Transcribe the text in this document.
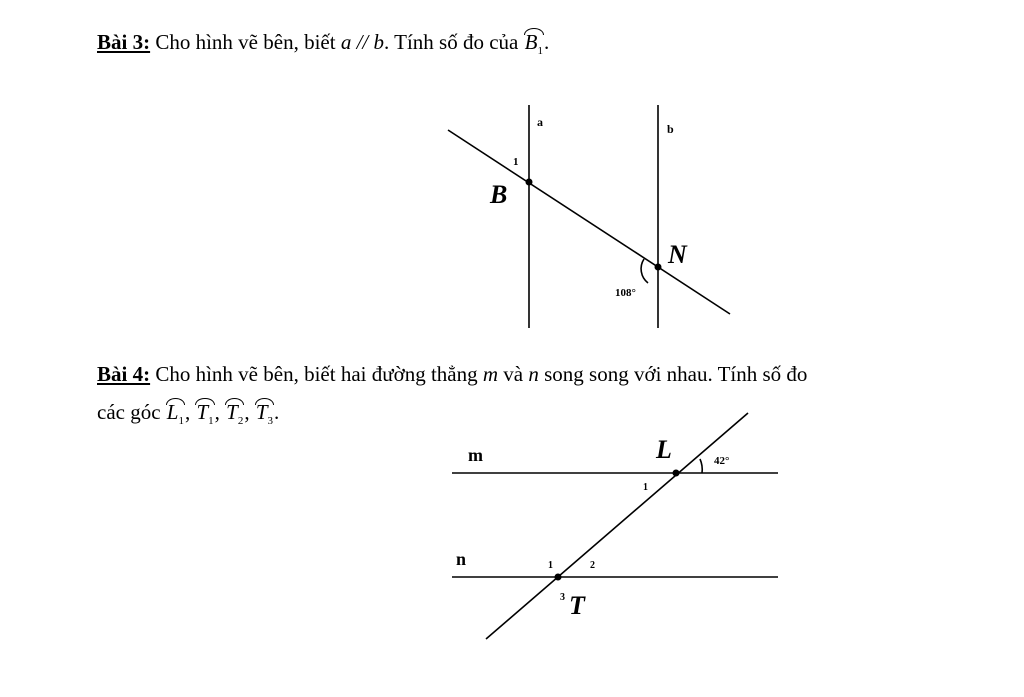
Bài 3: Cho hình vẽ bên, biết a // b. Tính số đo của $B_1$.
Bài 4: Cho hình vẽ bên, biết hai đường thẳng m và n song song với nhau. Tính số đo
các góc $L_1$, $T_1$, $T_2$, $T_3$.
a	b
1
B
N
108°
m
n
L	42°
1
1	2
3 T
